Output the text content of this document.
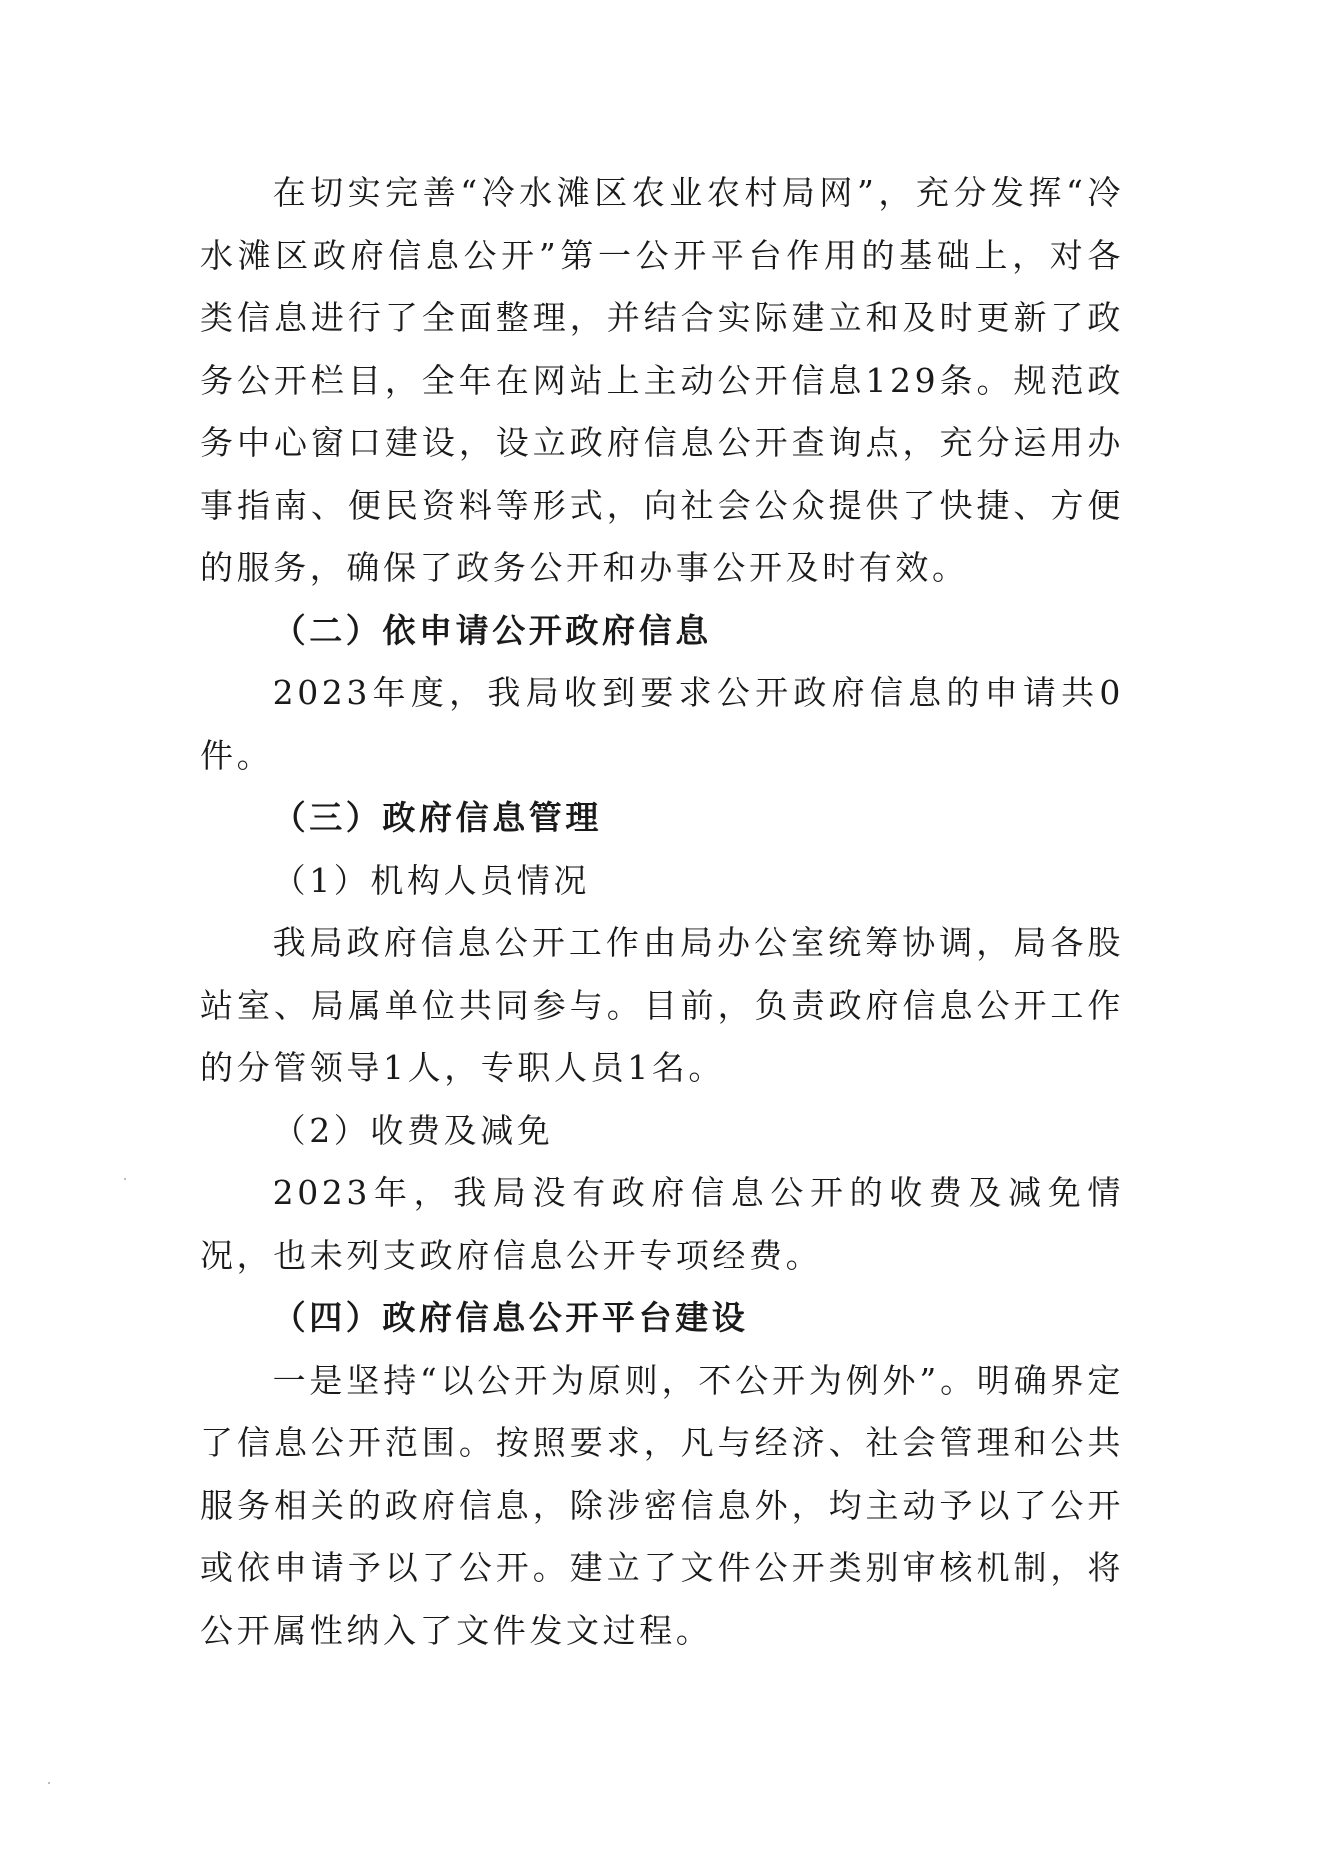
在切实完善“冷水滩区农业农村局网”，充分发挥“冷水滩区政府信息公开”第一公开平台作用的基础上，对各类信息进行了全面整理，并结合实际建立和及时更新了政务公开栏目，全年在网站上主动公开信息129条。规范政务中心窗口建设，设立政府信息公开查询点，充分运用办事指南、便民资料等形式，向社会公众提供了快捷、方便的服务，确保了政务公开和办事公开及时有效。

（二）依申请公开政府信息

2023年度，我局收到要求公开政府信息的申请共0件。

（三）政府信息管理

（1）机构人员情况

我局政府信息公开工作由局办公室统筹协调，局各股站室、局属单位共同参与。目前，负责政府信息公开工作的分管领导1人，专职人员1名。

（2）收费及减免

2023年，我局没有政府信息公开的收费及减免情况，也未列支政府信息公开专项经费。

（四）政府信息公开平台建设

一是坚持“以公开为原则，不公开为例外”。明确界定了信息公开范围。按照要求，凡与经济、社会管理和公共服务相关的政府信息，除涉密信息外，均主动予以了公开或依申请予以了公开。建立了文件公开类别审核机制，将公开属性纳入了文件发文过程。
